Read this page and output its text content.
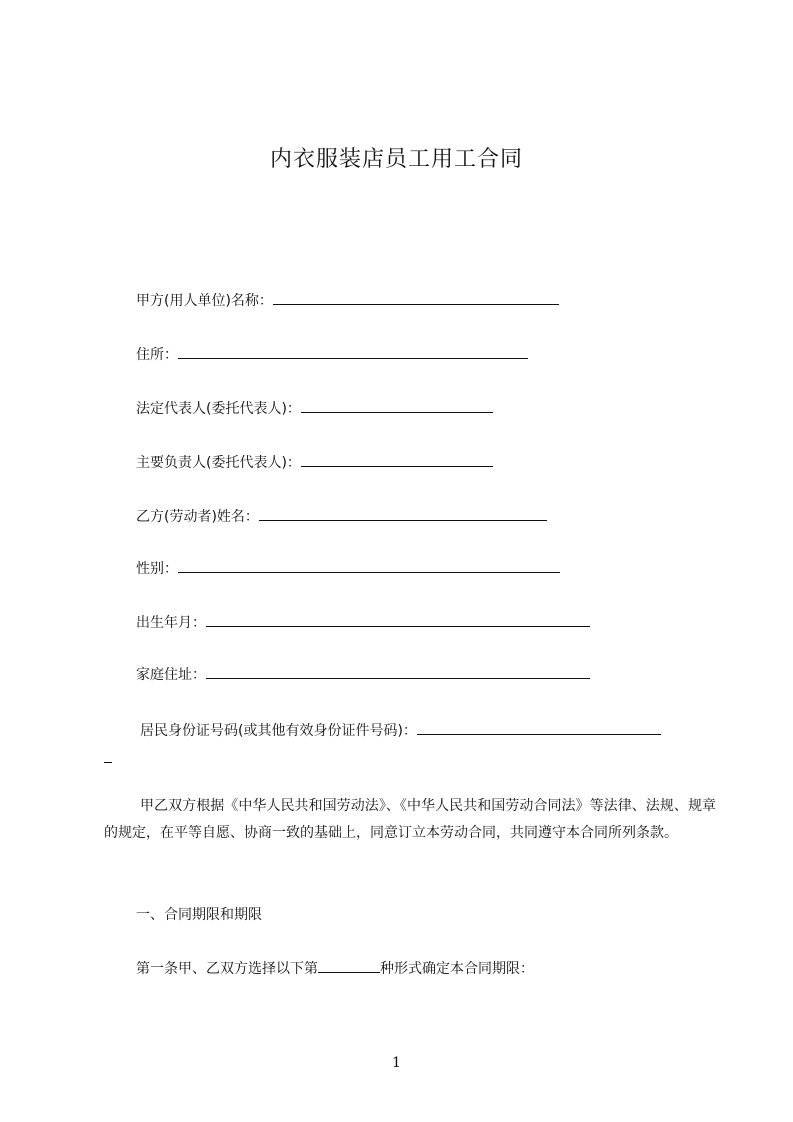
内衣服装店员工用工合同
甲方(用人单位)名称：
住所：
法定代表人(委托代表人)：
主要负责人(委托代表人)：
乙方(劳动者)姓名：
性别：
出生年月：
家庭住址：
居民身份证号码(或其他有效身份证件号码)：
甲乙双方根据《中华人民共和国劳动法》、《中华人民共和国劳动合同法》等法律、法规、规章的规定，在平等自愿、协商一致的基础上，同意订立本劳动合同，共同遵守本合同所列条款。
一、合同期限和期限
第一条甲、乙双方选择以下第	种形式确定本合同期限：
1
